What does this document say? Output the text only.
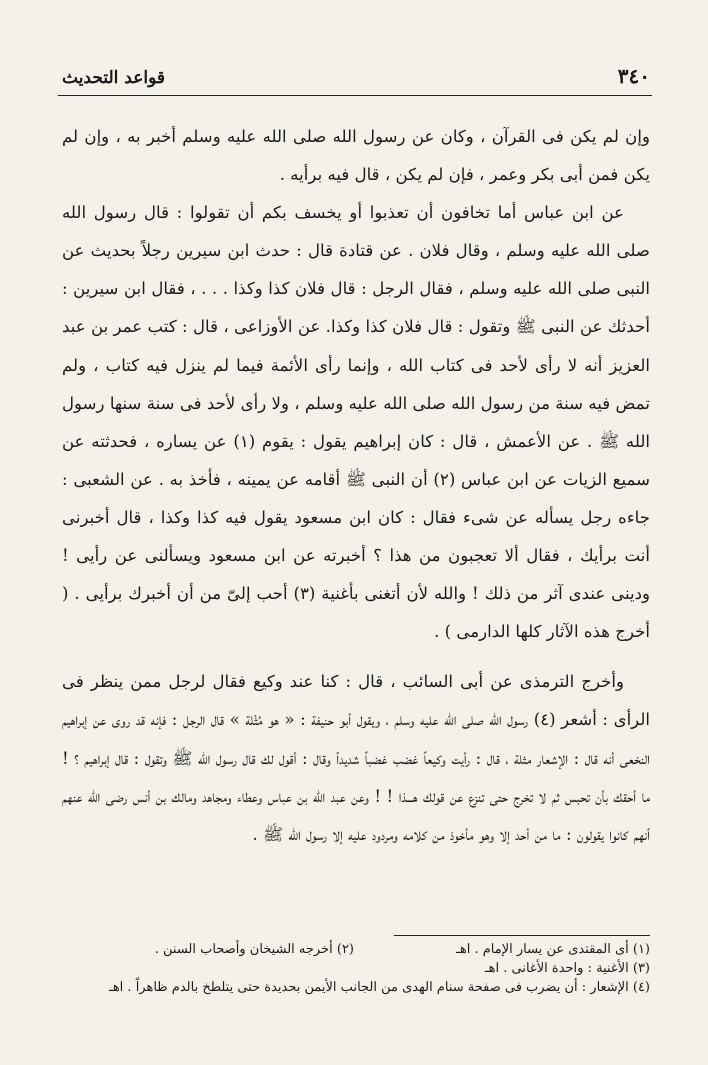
٣٤٠
قواعد التحديث

وإن لم يكن فى القرآن ، وكان عن رسول الله صلى الله عليه وسلم أخبر به ، وإن لم يكن فمن أبى بكر وعمر ، فإن لم يكن ، قال فيه برأيه .

عن ابن عباس أما تخافون أن تعذبوا أو يخسف بكم أن تقولوا : قال رسول الله صلى الله عليه وسلم ، وقال فلان . عن قتادة قال : حدث ابن سيرين رجلاً بحديث عن النبى صلى الله عليه وسلم ، فقال الرجل : قال فلان كذا وكذا . . . ، فقال ابن سيرين : أحدثك عن النبى ﷺ وتقول : قال فلان كذا وكذا. عن الأوزاعى ، قال : كتب عمر بن عبد العزيز أنه لا رأى لأحد فى كتاب الله ، وإنما رأى الأئمة فيما لم ينزل فيه كتاب ، ولم تمض فيه سنة من رسول الله صلى الله عليه وسلم ، ولا رأى لأحد فى سنة سنها رسول الله ﷺ . عن الأعمش ، قال : كان إبراهيم يقول : يقوم (١) عن يساره ، فحدثته عن سميع الزيات عن ابن عباس (٢) أن النبى ﷺ أقامه عن يمينه ، فأخذ به . عن الشعبى : جاءه رجل يسأله عن شىء فقال : كان ابن مسعود يقول فيه كذا وكذا ، قال أخبرنى أنت برأيك ، فقال ألا تعجبون من هذا ؟ أخبرته عن ابن مسعود ويسألنى عن رأيى ! ودينى عندى آثر من ذلك ! والله لأن أتغنى بأغنية (٣) أحب إلىّ من أن أخبرك برأيى . ( أخرج هذه الآثار كلها الدارمى ) .

وأخرج الترمذى عن أبى السائب ، قال : كنا عند وكيع فقال لرجل ممن ينظر فى الرأى : أشعر (٤) رسول الله صلى الله عليه وسلم ، ويقول أبو حنيفة : « هو مُثْلة » قال الرجل : فإنه قد روى عن إبراهيم النخعى أنه قال : الإشعار مثلة ، قال : رأيت وكيعاً غضب غضباً شديداً وقال : أقول لك قال رسول الله ﷺ وتقول : قال إبراهيم ؟ ! ما أحقك بأن تحبس ثم لا تخرج حتى تنزع عن قولك هـــذا ! ! وعن عبد الله بن عباس وعطاء ومجاهد ومالك بن أنس رضى الله عنهم أنهم كانوا يقولون : ما من أحد إلا وهو مأخوذ من كلامه ومردود عليه إلا رسول الله ﷺ .

(١) أى المقتدى عن يسار الإمام . اهـ
(٢) أخرجه الشيخان وأصحاب السنن .
(٣) الأغنية : واحدة الأغانى . اهـ
(٤) الإشعار : أن يضرب فى صفحة سنام الهدى من الجانب الأيمن بحديدة حتى يتلطخ بالدم ظاهراً . اهـ
